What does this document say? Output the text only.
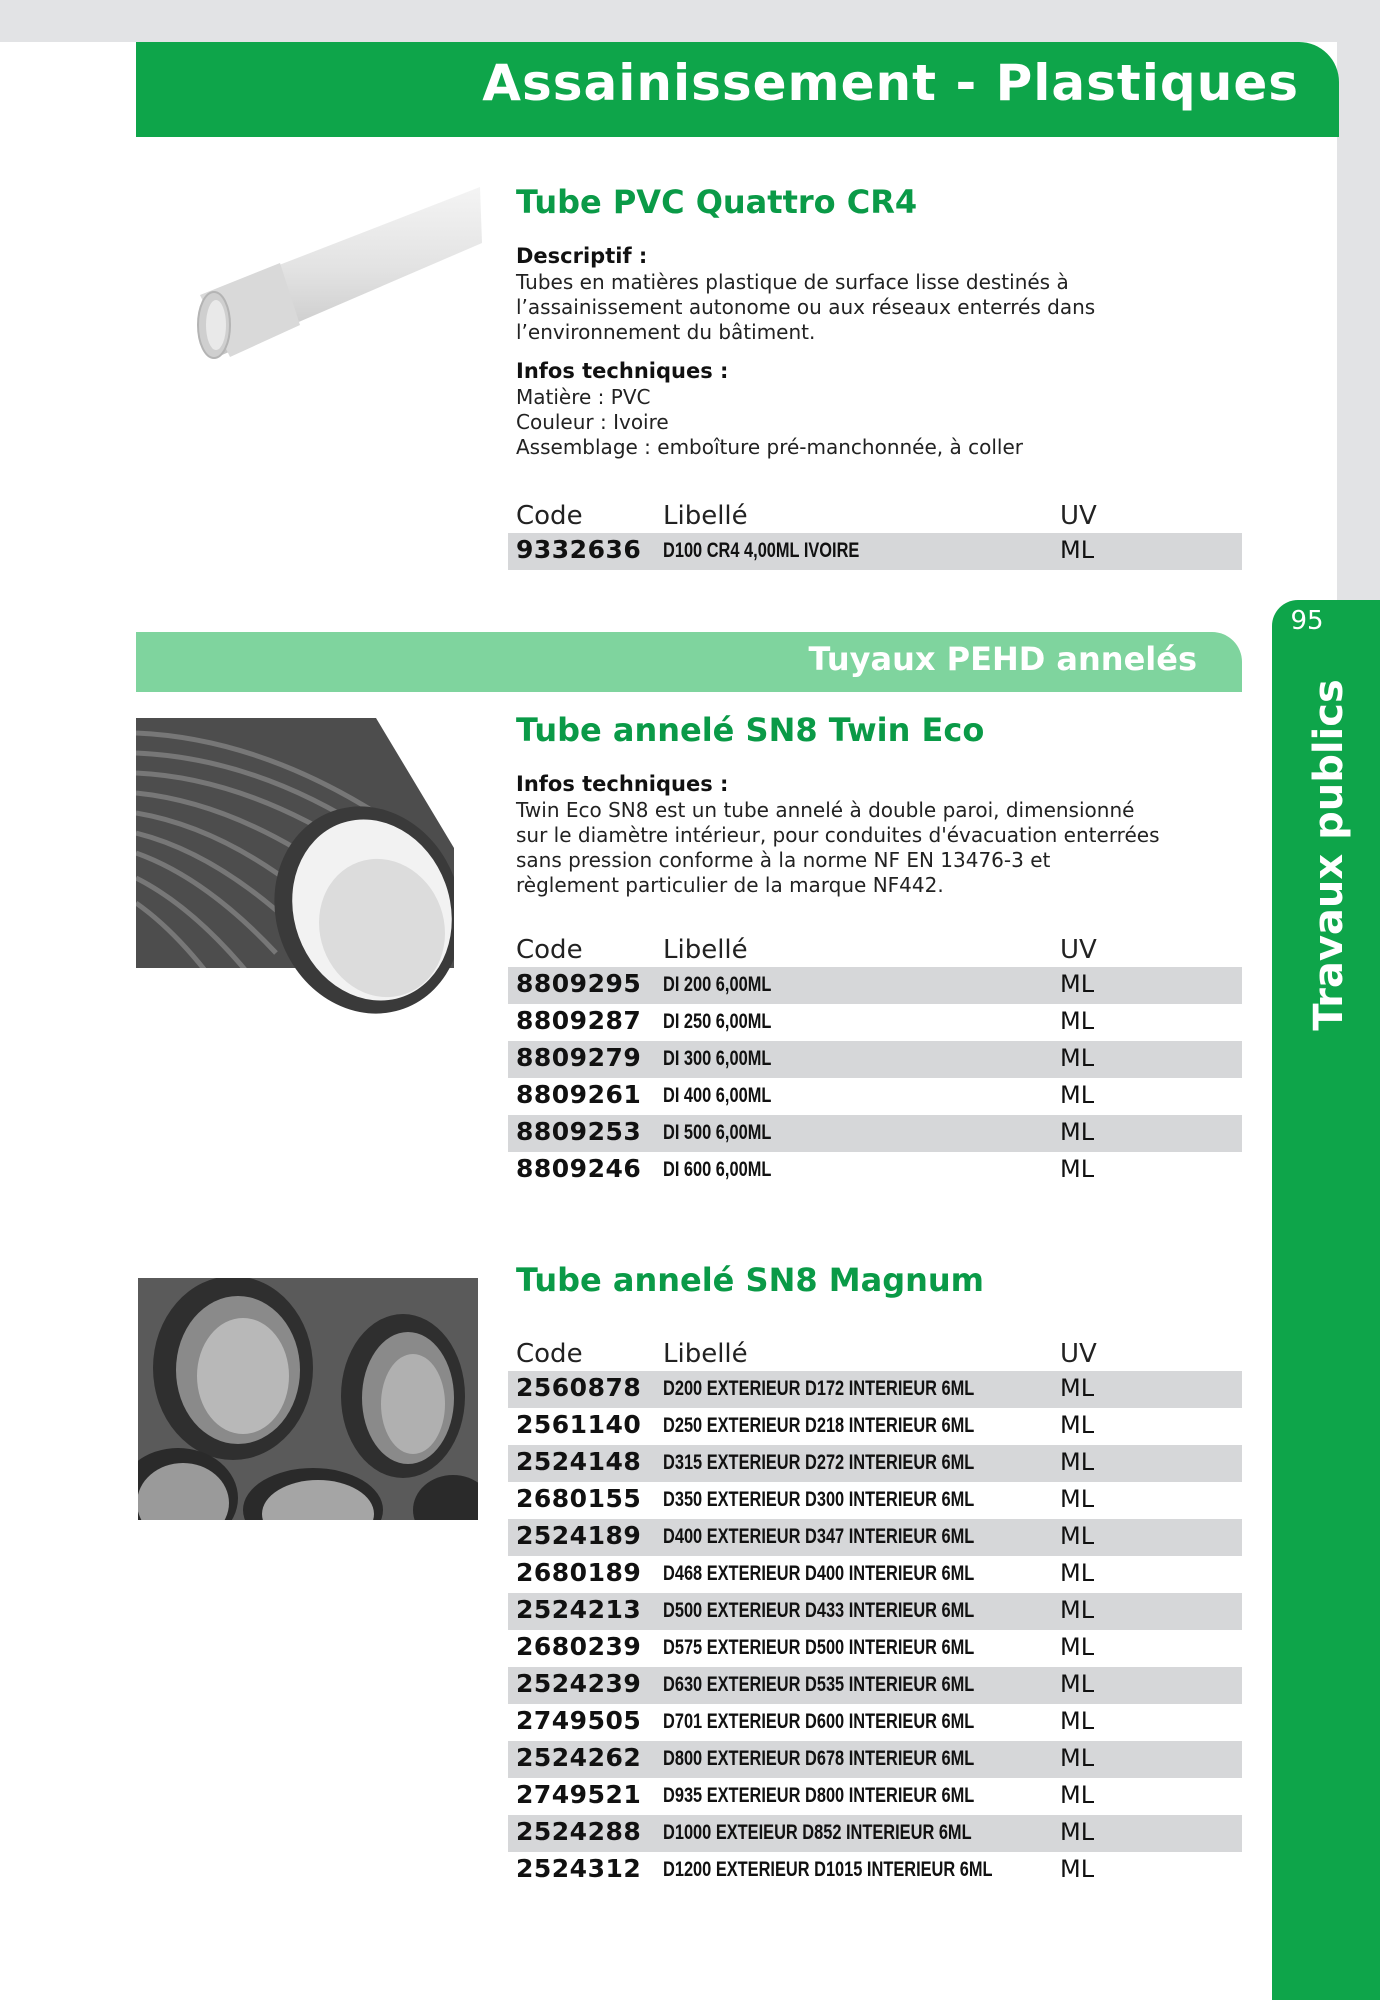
Assainissement - Plastiques
95
Travaux publics
Tube PVC Quattro CR4

Descriptif :

Tubes en matières plastique de surface lisse destinés à

l’assainissement autonome ou aux réseaux enterrés dans

l’environnement du bâtiment.

Infos techniques :

Matière : PVC

Couleur : Ivoire

Assemblage : emboîture pré-manchonnée, à coller

Code	Libellé	UV
9332636 D100 CR4 4,00ML IVOIRE	ML
Tuyaux PEHD annelés
Tube annelé SN8 Twin Eco

Infos techniques :

Twin Eco SN8 est un tube annelé à double paroi, dimensionné

sur le diamètre intérieur, pour conduites d'évacuation enterrées

sans pression conforme à la norme NF EN 13476-3 et

règlement particulier de la marque NF442.

Code	Libellé	UV
8809295 DI 200 6,00ML	ML
8809287 DI 250 6,00ML	ML
8809279 DI 300 6,00ML	ML
8809261 DI 400 6,00ML	ML
8809253 DI 500 6,00ML	ML
8809246 DI 600 6,00ML	ML
Tube annelé SN8 Magnum
Code	Libellé	UV
2560878 D200 EXTERIEUR D172 INTERIEUR 6ML	ML
2561140 D250 EXTERIEUR D218 INTERIEUR 6ML	ML
2524148 D315 EXTERIEUR D272 INTERIEUR 6ML	ML
2680155 D350 EXTERIEUR D300 INTERIEUR 6ML	ML
2524189 D400 EXTERIEUR D347 INTERIEUR 6ML	ML
2680189 D468 EXTERIEUR D400 INTERIEUR 6ML	ML
2524213 D500 EXTERIEUR D433 INTERIEUR 6ML	ML
2680239 D575 EXTERIEUR D500 INTERIEUR 6ML	ML
2524239 D630 EXTERIEUR D535 INTERIEUR 6ML	ML
2749505 D701 EXTERIEUR D600 INTERIEUR 6ML	ML
2524262 D800 EXTERIEUR D678 INTERIEUR 6ML	ML
2749521 D935 EXTERIEUR D800 INTERIEUR 6ML	ML
2524288 D1000 EXTEIEUR D852 INTERIEUR 6ML	ML
2524312 D1200 EXTERIEUR D1015 INTERIEUR 6ML	ML
